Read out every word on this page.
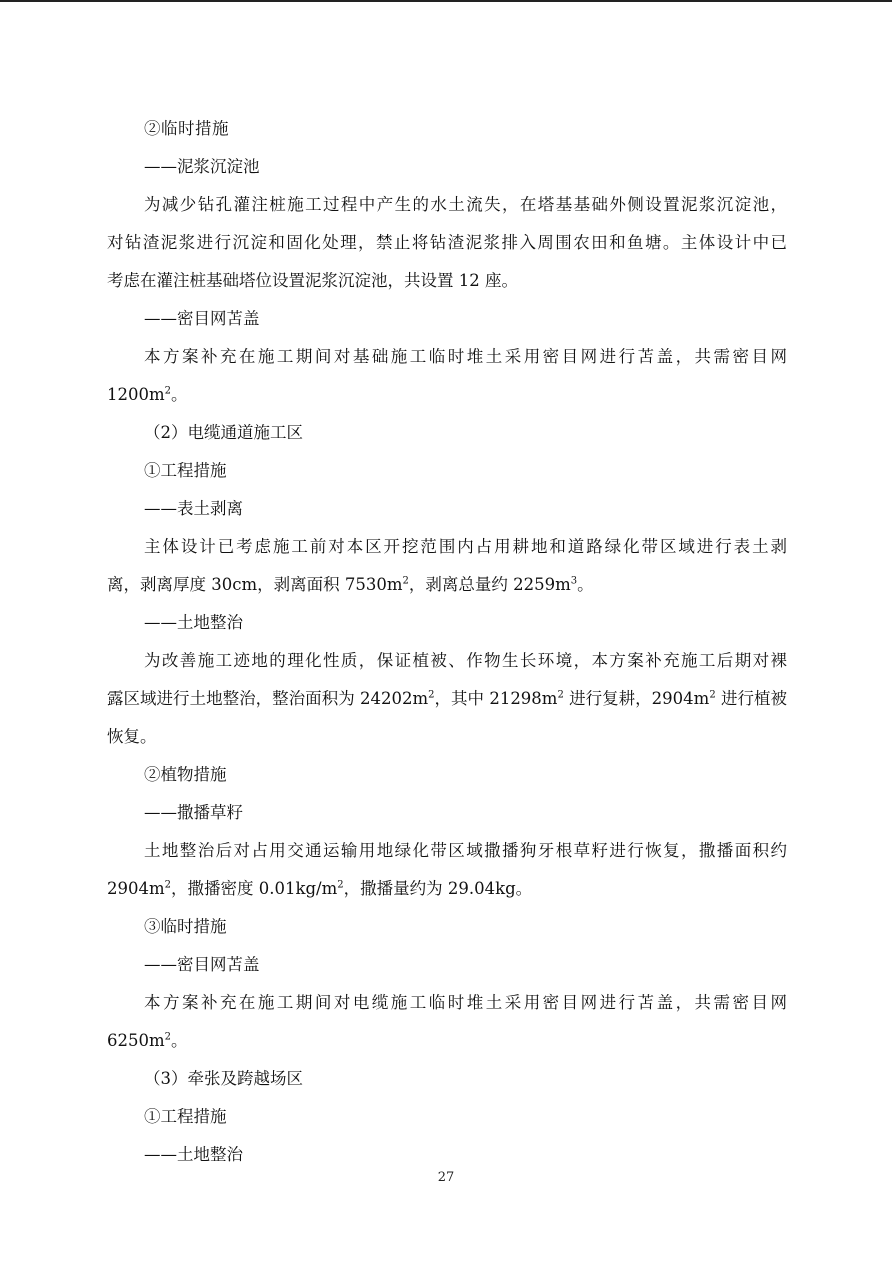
②临时措施
——泥浆沉淀池
为减少钻孔灌注桩施工过程中产生的水土流失，在塔基基础外侧设置泥浆沉淀池，
对钻渣泥浆进行沉淀和固化处理，禁止将钻渣泥浆排入周围农田和鱼塘。主体设计中已
考虑在灌注桩基础塔位设置泥浆沉淀池，共设置 12 座。
——密目网苫盖
本方案补充在施工期间对基础施工临时堆土采用密目网进行苫盖，共需密目网
$1200m^2$。
（2）电缆通道施工区
①工程措施
——表土剥离
主体设计已考虑施工前对本区开挖范围内占用耕地和道路绿化带区域进行表土剥
离，剥离厚度 30cm，剥离面积 $7530m^2$，剥离总量约 $2259m^3$。
——土地整治
为改善施工迹地的理化性质，保证植被、作物生长环境，本方案补充施工后期对裸
露区域进行土地整治，整治面积为 $24202m^2$，其中 $21298m^2$ 进行复耕，$2904m^2$ 进行植被
恢复。
②植物措施
——撒播草籽
土地整治后对占用交通运输用地绿化带区域撒播狗牙根草籽进行恢复，撒播面积约
$2904m^2$，撒播密度 $0.01kg/m^2$，撒播量约为 29.04kg。
③临时措施
——密目网苫盖
本方案补充在施工期间对电缆施工临时堆土采用密目网进行苫盖，共需密目网
$6250m^2$。
（3）牵张及跨越场区
①工程措施
——土地整治
27
